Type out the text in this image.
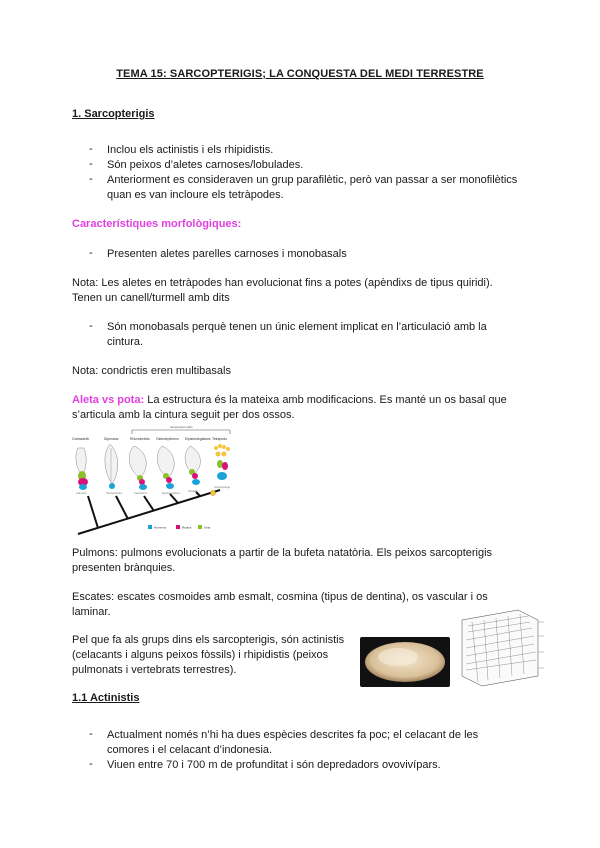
TEMA 15: SARCOPTERIGIS; LA CONQUESTA DEL MEDI TERRESTRE
1. Sarcopterigis
- Inclou els actinistis i els rhipidistis.
- Són peixos d’aletes carnoses/lobulades.
- Anteriorment es consideraven un grup parafilètic, però van passar a ser monofilètics
quan es van incloure els tetràpodes.
Característiques morfològiques:
- Presenten aletes parelles carnoses i monobasals
Nota: Les aletes en tetràpodes han evolucionat fins a potes (apèndixs de tipus quiridi).
Tenen un canell/turmell amb dits
- Són monobasals perquè tenen un únic element implicat en l’articulació amb la
cintura.
Nota: condrictis eren multibasals
Aleta vs pota: La estructura és la mateixa amb modificacions. Es manté un os basal que
s’articula amb la cintura seguit per dos ossos.
tetrapodomorphs
Coelacanth	Dipnoans	Rhizodontids Osteolepiforms Elpistostegalians Tetrapods
Latimeria	Neoceratodus	Sauripterus	Eusthenopteron
Tiktaalik
Acanthostega
Humerus	Radius	Ulna
Pulmons: pulmons evolucionats a partir de la bufeta natatòria. Els peixos sarcopterigis
presenten brànquies.
Escates: escates cosmoides amb esmalt, cosmina (tipus de dentina), os vascular i os
laminar.
Pel que fa als grups dins els sarcopterigis, són actinistis
(celacants i alguns peixos fòssils) i rhipidistis (peixos
pulmonats i vertebrats terrestres).
1.1 Actinistis
- Actualment només n’hi ha dues espècies descrites fa poc; el celacant de les
comores i el celacant d’indonesia.
- Viuen entre 70 i 700 m de profunditat i són depredadors ovovivípars.
